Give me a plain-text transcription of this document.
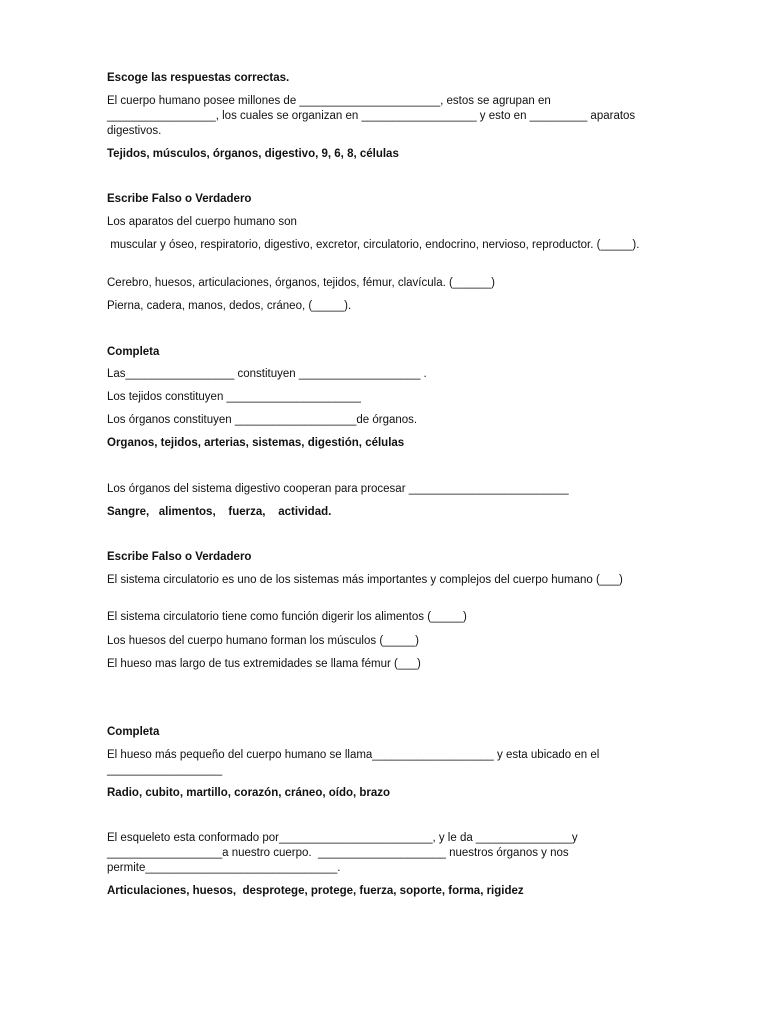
Escoge las respuestas correctas.

El cuerpo humano posee millones de ______________________, estos se agrupan en _________________, los cuales se organizan en __________________ y esto en _________ aparatos digestivos.

Tejidos, músculos, órganos, digestivo, 9, 6, 8, células

Escribe Falso o Verdadero

Los aparatos del cuerpo humano son

muscular y óseo, respiratorio, digestivo, excretor, circulatorio, endocrino, nervioso, reproductor. (_____).

Cerebro, huesos, articulaciones, órganos, tejidos, fémur, clavícula. (______)

Pierna, cadera, manos, dedos, cráneo, (_____).

Completa

Las_________________ constituyen ___________________ .

Los tejidos constituyen _____________________

Los órganos constituyen ___________________de órganos.

Organos, tejidos, arterias, sistemas, digestión, células

Los órganos del sistema digestivo cooperan para procesar _________________________

Sangre,   alimentos,    fuerza,    actividad.

Escribe Falso o Verdadero

El sistema circulatorio es uno de los sistemas más importantes y complejos del cuerpo humano (___)

El sistema circulatorio tiene como función digerir los alimentos (_____)

Los huesos del cuerpo humano forman los músculos (_____)

El hueso mas largo de tus extremidades se llama fémur (___)

Completa

El hueso más pequeño del cuerpo humano se llama___________________ y esta ubicado en el __________________

Radio, cubito, martillo, corazón, cráneo, oído, brazo

El esqueleto esta conformado por________________________, y le da _______________y __________________a nuestro cuerpo.  ____________________ nuestros órganos y nos permite______________________________.

Articulaciones, huesos,  desprotege, protege, fuerza, soporte, forma, rigidez
